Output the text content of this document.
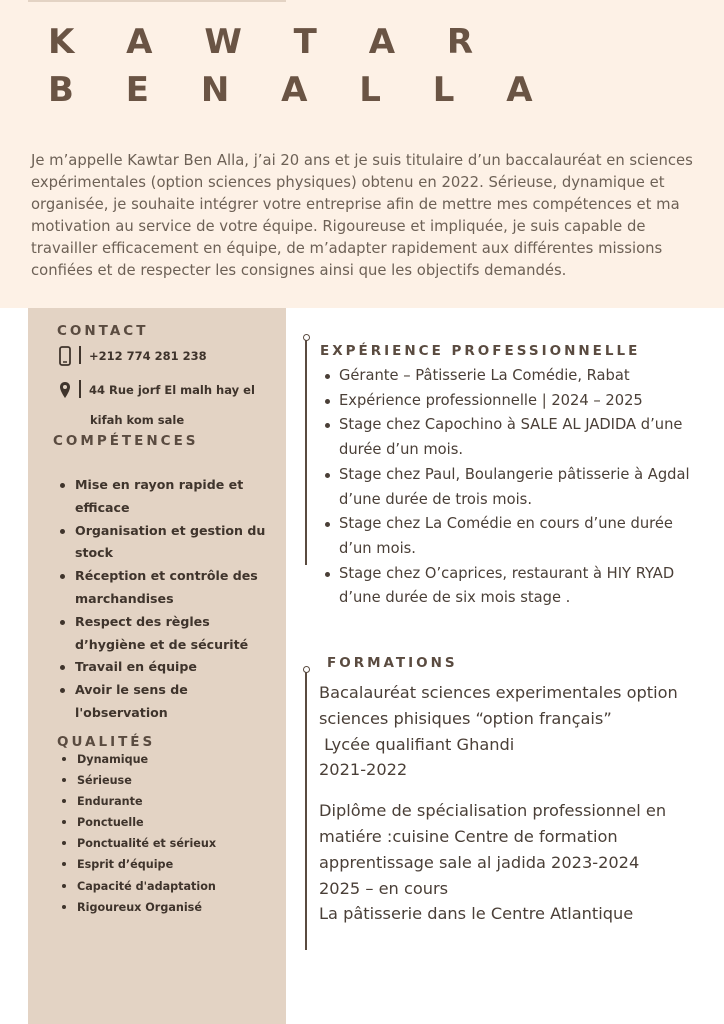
K A W T A R
B E N A L L A

Je m’appelle Kawtar Ben Alla, j’ai 20 ans et je suis titulaire d’un baccalauréat en sciences expérimentales (option sciences physiques) obtenu en 2022. Sérieuse, dynamique et organisée, je souhaite intégrer votre entreprise afin de mettre mes compétences et ma motivation au service de votre équipe. Rigoureuse et impliquée, je suis capable de travailler efficacement en équipe, de m’adapter rapidement aux différentes missions confiées et de respecter les consignes ainsi que les objectifs demandés.

CONTACT
+212 774 281 238
44 Rue jorf El malh hay el
kifah kom sale
COMPÉTENCES
Mise en rayon rapide et efficace
Organisation et gestion du stock
Réception et contrôle des marchandises
Respect des règles d’hygiène et de sécurité
Travail en équipe
Avoir le sens de l'observation
QUALITÉS
Dynamique
Sérieuse
Endurante
Ponctuelle
Ponctualité et sérieux
Esprit d’équipe
Capacité d'adaptation
Rigoureux Organisé
EXPÉRIENCE PROFESSIONNELLE
Gérante – Pâtisserie La Comédie, Rabat
Expérience professionnelle | 2024 – 2025
Stage chez Capochino à SALE AL JADIDA d’une durée d’un mois.
Stage chez Paul, Boulangerie pâtisserie à Agdal d’une durée de trois mois.
Stage chez La Comédie en cours d’une durée d’un mois.
Stage chez O’caprices, restaurant à HIY RYAD d’une durée de six mois stage .
FORMATIONS
Bacalauréat sciences experimentales option
sciences phisiques “option français”
Lycée qualifiant Ghandi
2021-2022
Diplôme de spécialisation professionnel en
matiére :cuisine Centre de formation
apprentissage sale al jadida 2023-2024
2025 – en cours
La pâtisserie dans le Centre Atlantique
